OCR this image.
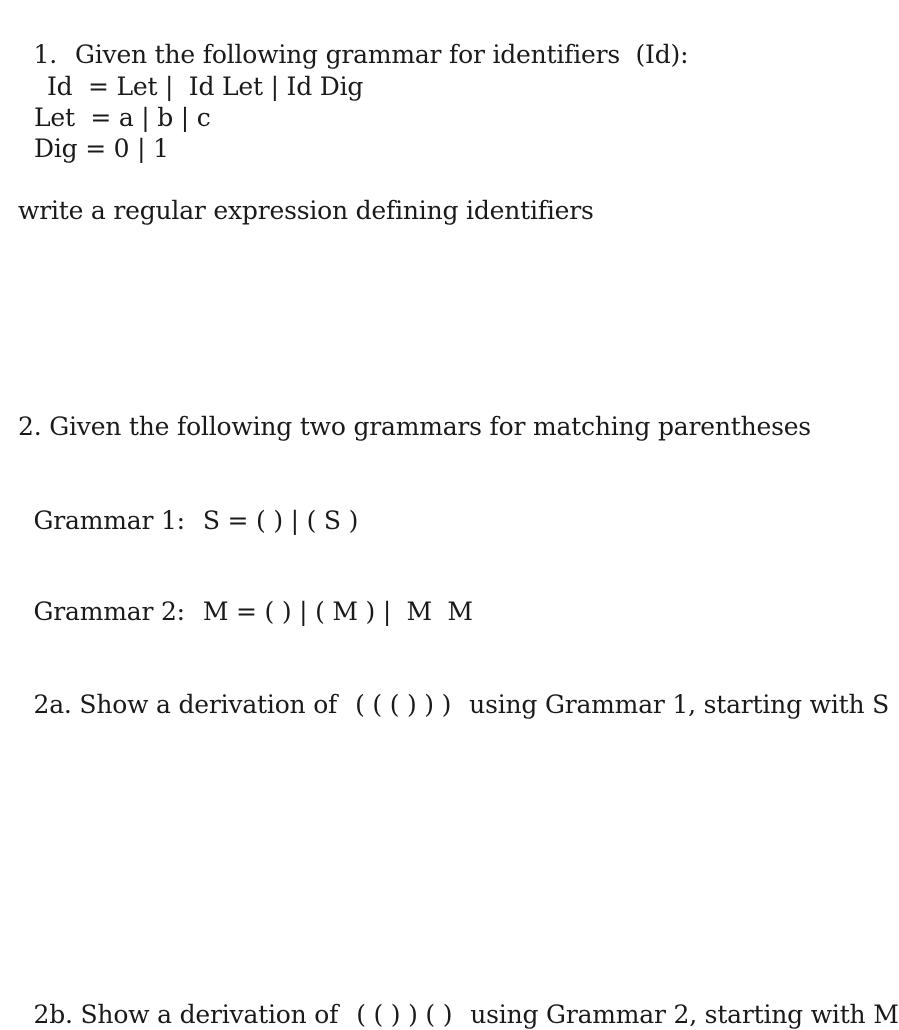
1. Given the following grammar for identifiers  (Id):

Id  = Let |  Id Let | Id Dig
Let  = a | b | c
Dig = 0 | 1
write a regular expression defining identifiers
2. Given the following two grammars for matching parentheses

Grammar 1: S = ( ) | ( S )

Grammar 2: M = ( ) | ( M ) |  M  M

2a. Show a derivation of ( ( ( ) ) ) using Grammar 1, starting with S

2b. Show a derivation of ( ( ) ) ( ) using Grammar 2, starting with M
